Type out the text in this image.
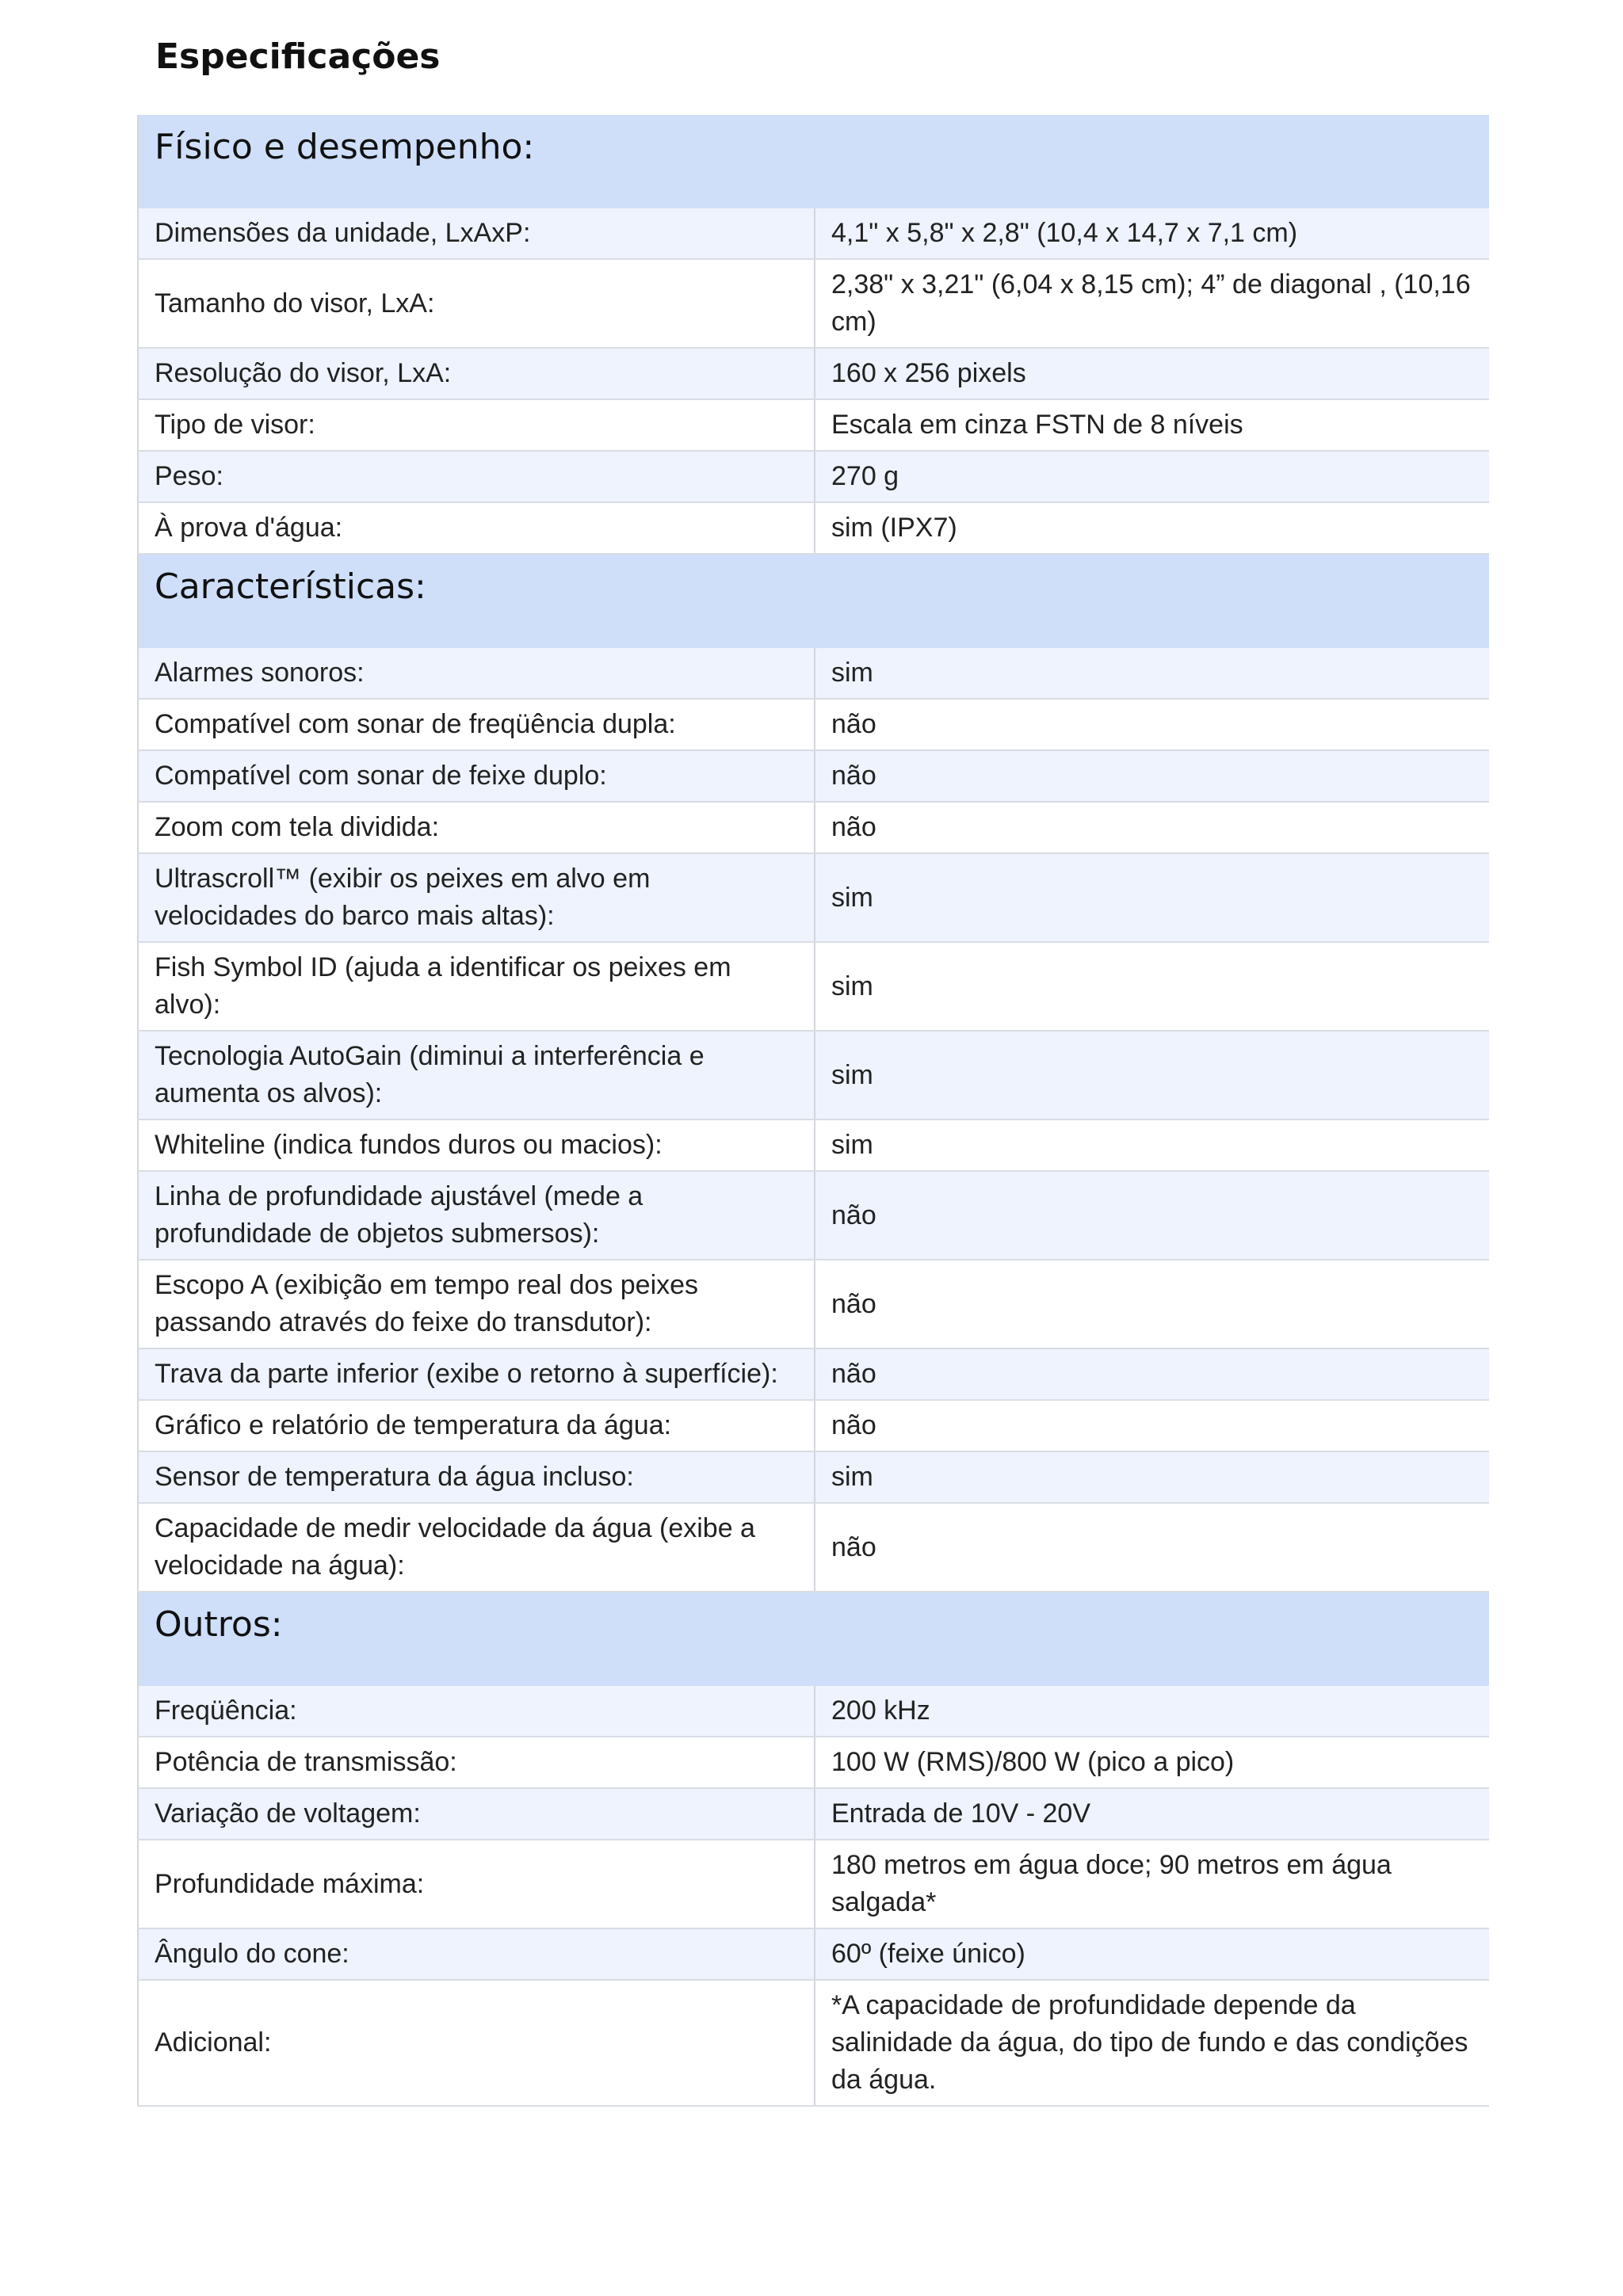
Especificações
Físico e desempenho:	
Dimensões da unidade, LxAxP:	4,1" x 5,8" x 2,8" (10,4 x 14,7 x 7,1 cm)
Tamanho do visor, LxA:	2,38" x 3,21" (6,04 x 8,15 cm); 4” de diagonal , (10,16 cm)
Resolução do visor, LxA:	160 x 256 pixels
Tipo de visor:	Escala em cinza FSTN de 8 níveis
Peso:	270 g
À prova d'água:	sim (IPX7)
Características:	
Alarmes sonoros:	sim
Compatível com sonar de freqüência dupla:	não
Compatível com sonar de feixe duplo:	não
Zoom com tela dividida:	não
Ultrascroll™ (exibir os peixes em alvo em velocidades do barco mais altas):	sim
Fish Symbol ID (ajuda a identificar os peixes em alvo):	sim
Tecnologia AutoGain (diminui a interferência e aumenta os alvos):	sim
Whiteline (indica fundos duros ou macios):	sim
Linha de profundidade ajustável (mede a profundidade de objetos submersos):	não
Escopo A (exibição em tempo real dos peixes passando através do feixe do transdutor):	não
Trava da parte inferior (exibe o retorno à superfície):	não
Gráfico e relatório de temperatura da água:	não
Sensor de temperatura da água incluso:	sim
Capacidade de medir velocidade da água (exibe a velocidade na água):	não
Outros:	
Freqüência:	200 kHz
Potência de transmissão:	100 W (RMS)/800 W (pico a pico)
Variação de voltagem:	Entrada de 10V - 20V
Profundidade máxima:	180 metros em água doce; 90 metros em água salgada*
Ângulo do cone:	60º (feixe único)
Adicional:	*A capacidade de profundidade depende da salinidade da água, do tipo de fundo e das condições da água.
